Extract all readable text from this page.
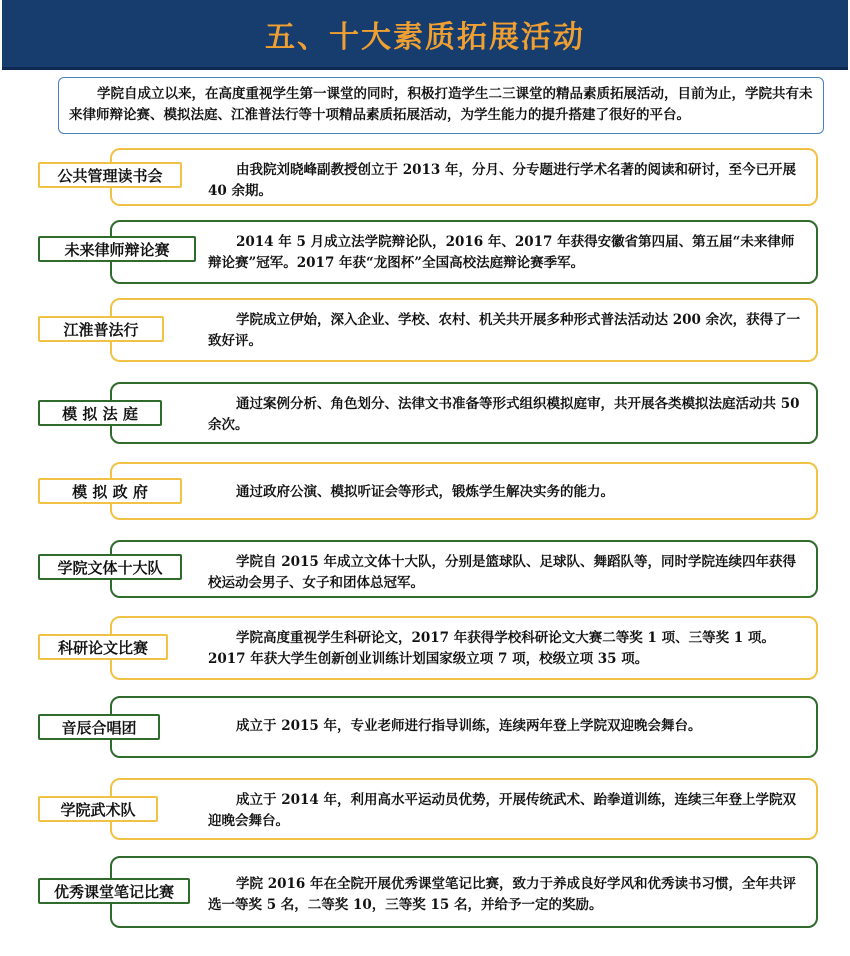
五、十大素质拓展活动
学院自成立以来，在高度重视学生第一课堂的同时，积极打造学生二三课堂的精品素质拓展活动，目前为止，学院共有未来律师辩论赛、模拟法庭、江淮普法行等十项精品素质拓展活动，为学生能力的提升搭建了很好的平台。
由我院刘晓峰副教授创立于 2013 年，分月、分专题进行学术名著的阅读和研讨，至今已开展 40 余期。
公共管理读书会
2014 年 5 月成立法学院辩论队，2016 年、2017 年获得安徽省第四届、第五届“未来律师辩论赛”冠军。2017 年获“龙图杯”全国高校法庭辩论赛季军。
未来律师辩论赛
学院成立伊始，深入企业、学校、农村、机关共开展多种形式普法活动达 200 余次，获得了一致好评。
江淮普法行
通过案例分析、角色划分、法律文书准备等形式组织模拟庭审，共开展各类模拟法庭活动共 50 余次。
模 拟 法 庭
通过政府公演、模拟听证会等形式，锻炼学生解决实务的能力。
模 拟 政 府
学院自 2015 年成立文体十大队，分别是篮球队、足球队、舞蹈队等，同时学院连续四年获得校运动会男子、女子和团体总冠军。
学院文体十大队
学院高度重视学生科研论文，2017 年获得学校科研论文大赛二等奖 1 项、三等奖 1 项。2017 年获大学生创新创业训练计划国家级立项 7 项，校级立项 35 项。
科研论文比赛
成立于 2015 年，专业老师进行指导训练，连续两年登上学院双迎晚会舞台。
音辰合唱团
成立于 2014 年，利用高水平运动员优势，开展传统武术、跆拳道训练，连续三年登上学院双迎晚会舞台。
学院武术队
学院 2016 年在全院开展优秀课堂笔记比赛，致力于养成良好学风和优秀读书习惯，全年共评选一等奖 5 名，二等奖 10，三等奖 15 名，并给予一定的奖励。
优秀课堂笔记比赛
